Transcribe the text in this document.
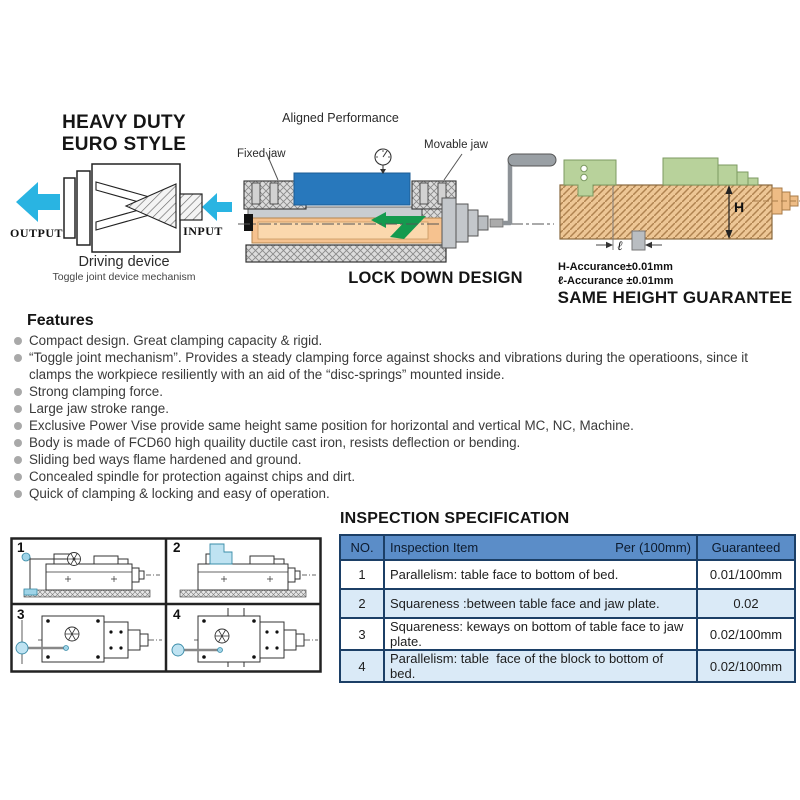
HEAVY DUTY
EURO STYLE
OUTPUT	INPUT
Driving device
Toggle joint device mechanism
Aligned Performance
Fixed jaw
Movable jaw
LOCK DOWN DESIGN
H
ℓ
H-Accurance±0.01mm
ℓ-Accurance ±0.01mm
SAME HEIGHT GUARANTEE
Features
Compact design. Great clamping capacity & rigid.
“Toggle joint mechanism”. Provides a steady clamping force against shocks and vibrations during the operatioons, since it clamps the workpiece resiliently with an aid of the “disc-springs” mounted inside.
Strong clamping force.
Large jaw stroke range.
Exclusive Power Vise provide same height same position for horizontal and vertical MC, NC, Machine.
Body is made of FCD60 high quaility ductile cast iron, resists deflection or bending.
Sliding bed ways flame hardened and ground.
Concealed spindle for protection against chips and dirt.
Quick of clamping & locking and easy of operation.
1	2
3	4
INSPECTION SPECIFICATION
NO.	Inspection Item Per (100mm)	Guaranteed
1	Parallelism: table face to bottom of bed.	0.01/100mm
2	Squareness :between table face and jaw plate.	0.02
3	Squareness: keways on bottom of table face to jaw plate.	0.02/100mm
4	Parallelism: table  face of the block to bottom of bed.	0.02/100mm
